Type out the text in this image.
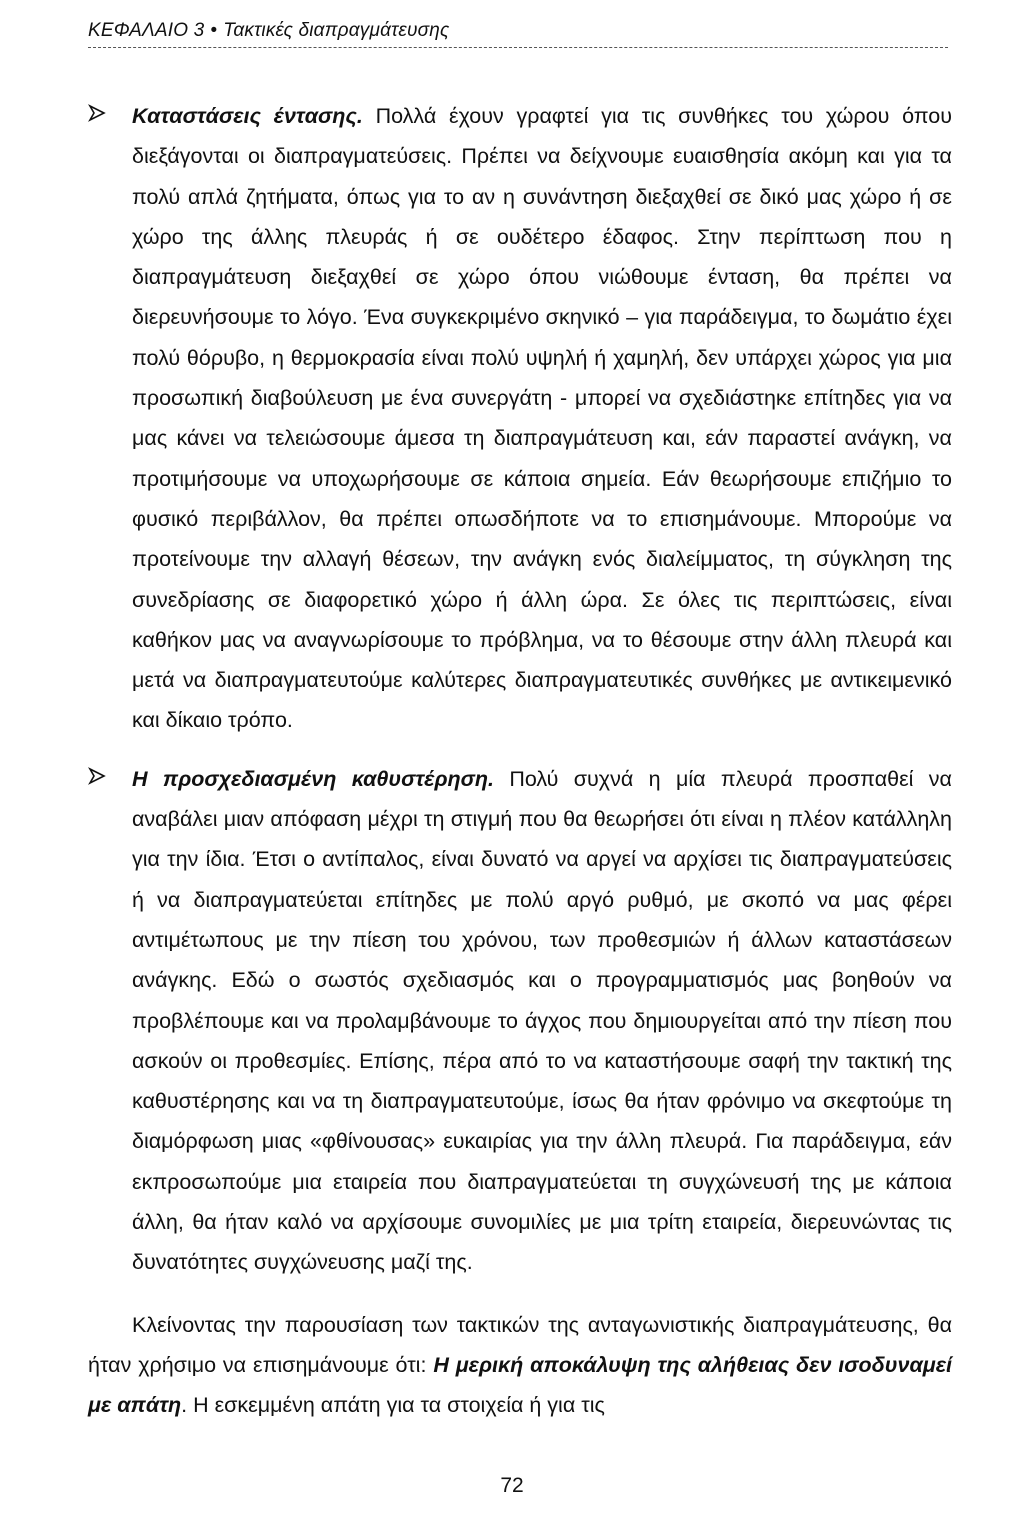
ΚΕΦΑΛΑΙΟ 3 • Τακτικές διαπραγμάτευσης

Καταστάσεις έντασης. Πολλά έχουν γραφτεί για τις συνθήκες του χώρου όπου διεξάγονται οι διαπραγματεύσεις. Πρέπει να δείχνουμε ευαισθησία ακόμη και για τα πολύ απλά ζητήματα, όπως για το αν η συνάντηση διεξαχθεί σε δικό μας χώρο ή σε χώρο της άλλης πλευράς ή σε ουδέτερο έδαφος. Στην περίπτωση που η διαπραγμάτευση διεξαχθεί σε χώρο όπου νιώθουμε ένταση, θα πρέπει να διερευνήσουμε το λόγο. Ένα συγκεκριμένο σκηνικό – για παράδειγμα, το δωμάτιο έχει πολύ θόρυβο, η θερμοκρασία είναι πολύ υψηλή ή χαμηλή, δεν υπάρχει χώρος για μια προσωπική διαβούλευση με ένα συνεργάτη - μπορεί να σχεδιάστηκε επίτηδες για να μας κάνει να τελειώσουμε άμεσα τη διαπραγμάτευση και, εάν παραστεί ανάγκη, να προτιμήσουμε να υποχωρήσουμε σε κάποια σημεία. Εάν θεωρήσουμε επιζήμιο το φυσικό περιβάλλον, θα πρέπει οπωσδήποτε να το επισημάνουμε. Μπορούμε να προτείνουμε την αλλαγή θέσεων, την ανάγκη ενός διαλείμματος, τη σύγκληση της συνεδρίασης σε διαφορετικό χώρο ή άλλη ώρα. Σε όλες τις περιπτώσεις, είναι καθήκον μας να αναγνωρίσουμε το πρόβλημα, να το θέσουμε στην άλλη πλευρά και μετά να διαπραγματευτούμε καλύτερες διαπραγματευτικές συνθήκες με αντικειμενικό και δίκαιο τρόπο.

Η προσχεδιασμένη καθυστέρηση. Πολύ συχνά η μία πλευρά προσπαθεί να αναβάλει μιαν απόφαση μέχρι τη στιγμή που θα θεωρήσει ότι είναι η πλέον κατάλληλη για την ίδια. Έτσι ο αντίπαλος, είναι δυνατό να αργεί να αρχίσει τις διαπραγματεύσεις ή να διαπραγματεύεται επίτηδες με πολύ αργό ρυθμό, με σκοπό να μας φέρει αντιμέτωπους με την πίεση του χρόνου, των προθεσμιών ή άλλων καταστάσεων ανάγκης. Εδώ ο σωστός σχεδιασμός και ο προγραμματισμός μας βοηθούν να προβλέπουμε και να προλαμβάνουμε το άγχος που δημιουργείται από την πίεση που ασκούν οι προθεσμίες. Επίσης, πέρα από το να καταστήσουμε σαφή την τακτική της καθυστέρησης και να τη διαπραγματευτούμε, ίσως θα ήταν φρόνιμο να σκεφτούμε τη διαμόρφωση μιας «φθίνουσας» ευκαιρίας για την άλλη πλευρά. Για παράδειγμα, εάν εκπροσωπούμε μια εταιρεία που διαπραγματεύεται τη συγχώνευσή της με κάποια άλλη, θα ήταν καλό να αρχίσουμε συνομιλίες με μια τρίτη εταιρεία, διερευνώντας τις δυνατότητες συγχώνευσης μαζί της.

Κλείνοντας την παρουσίαση των τακτικών της ανταγωνιστικής διαπραγμάτευσης, θα ήταν χρήσιμο να επισημάνουμε ότι: Η μερική αποκάλυψη της αλήθειας δεν ισοδυναμεί με απάτη. Η εσκεμμένη απάτη για τα στοιχεία ή για τις

72
